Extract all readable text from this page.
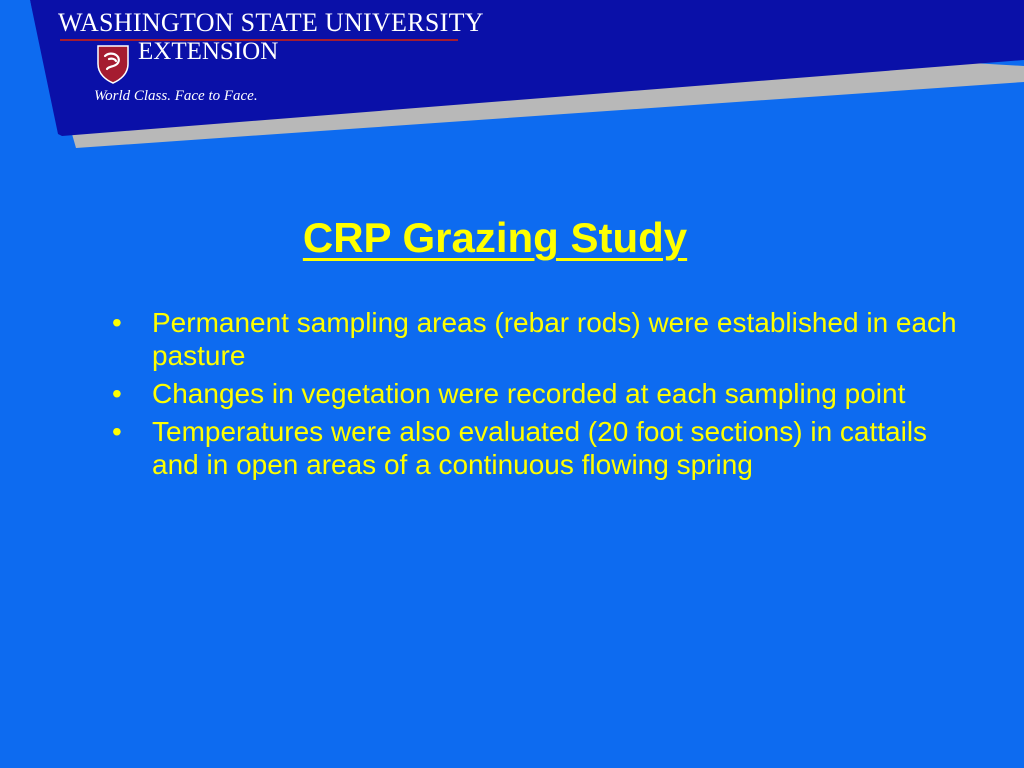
WASHINGTON STATE UNIVERSITY
EXTENSION
World Class. Face to Face.
CRP Grazing Study
• Permanent sampling areas (rebar rods) were established in each pasture
• Changes in vegetation were recorded at each sampling point
• Temperatures were also evaluated (20 foot sections) in cattails and in open areas of a continuous flowing spring
